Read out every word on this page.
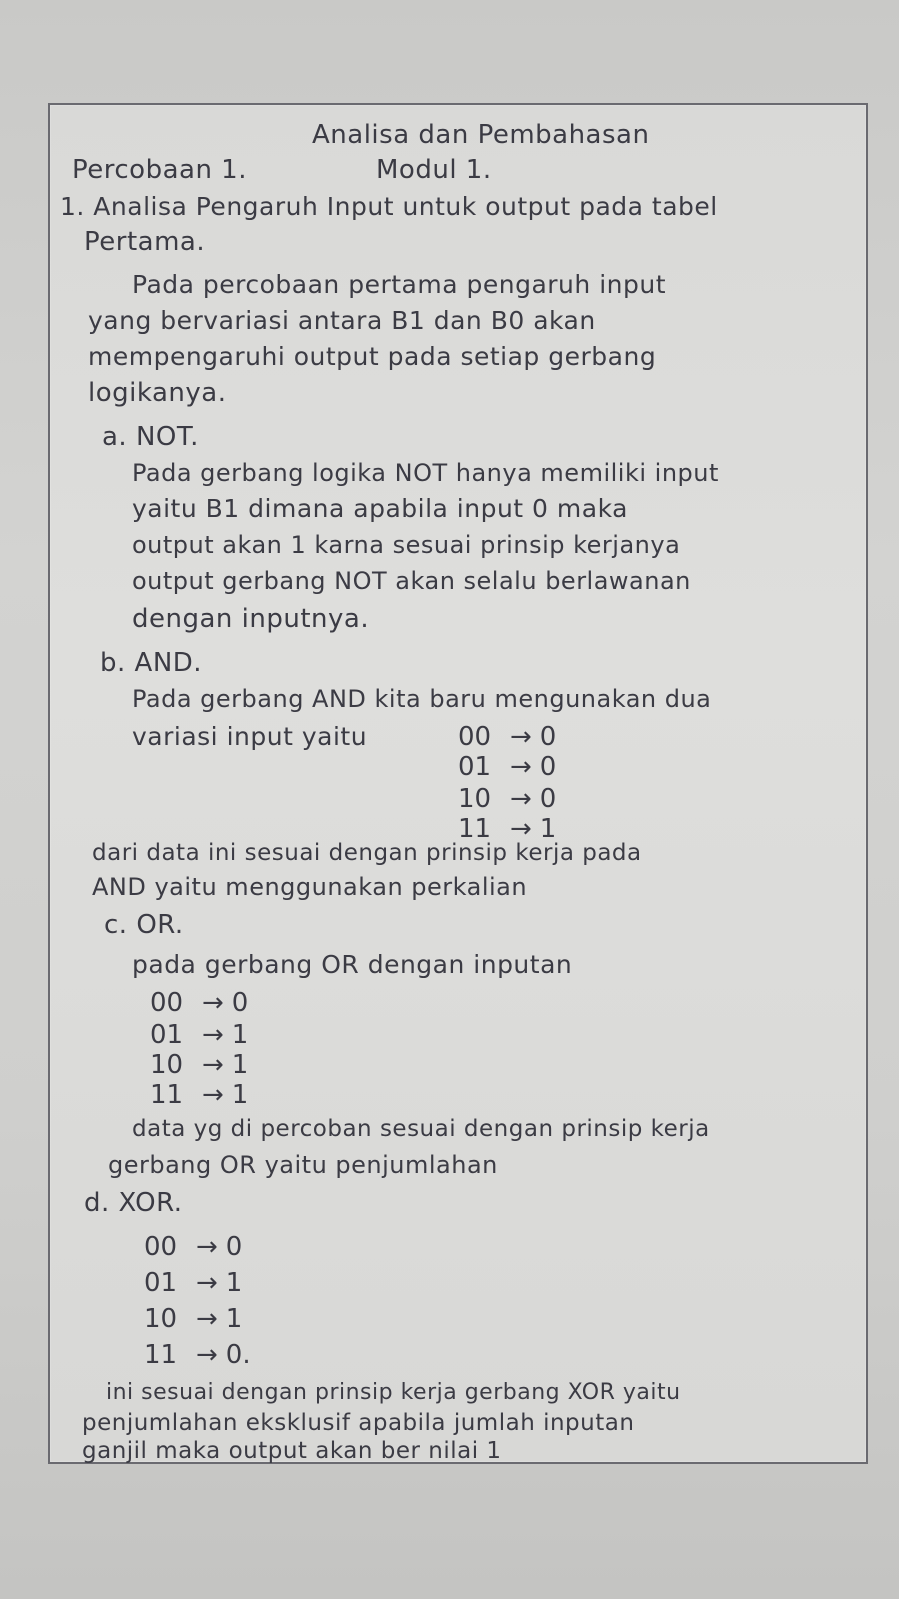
Analisa dan Pembahasan
Percobaan 1.	Modul 1.
1. Analisa Pengaruh Input untuk output pada tabel
Pertama.
Pada percobaan pertama pengaruh input
yang bervariasi antara B1 dan B0 akan
mempengaruhi output pada setiap gerbang
logikanya.
a. NOT.
Pada gerbang logika NOT hanya memiliki input
yaitu B1 dimana apabila input 0 maka
output akan 1 karna sesuai prinsip kerjanya
output gerbang NOT akan selalu berlawanan
dengan inputnya.
b. AND.
Pada gerbang AND kita baru mengunakan dua
variasi input yaitu	00 → 0
01 → 0
10 → 0
11 → 1
dari data ini sesuai dengan prinsip kerja pada
AND yaitu menggunakan perkalian
c. OR.
pada gerbang OR dengan inputan
00 → 0
01 → 1
10 → 1
11 → 1
data yg di percoban sesuai dengan prinsip kerja
gerbang OR yaitu penjumlahan
d. XOR.
00 → 0
01 → 1
10 → 1
11 → 0.
ini sesuai dengan prinsip kerja gerbang XOR yaitu
penjumlahan eksklusif apabila jumlah inputan
ganjil maka output akan ber nilai 1
